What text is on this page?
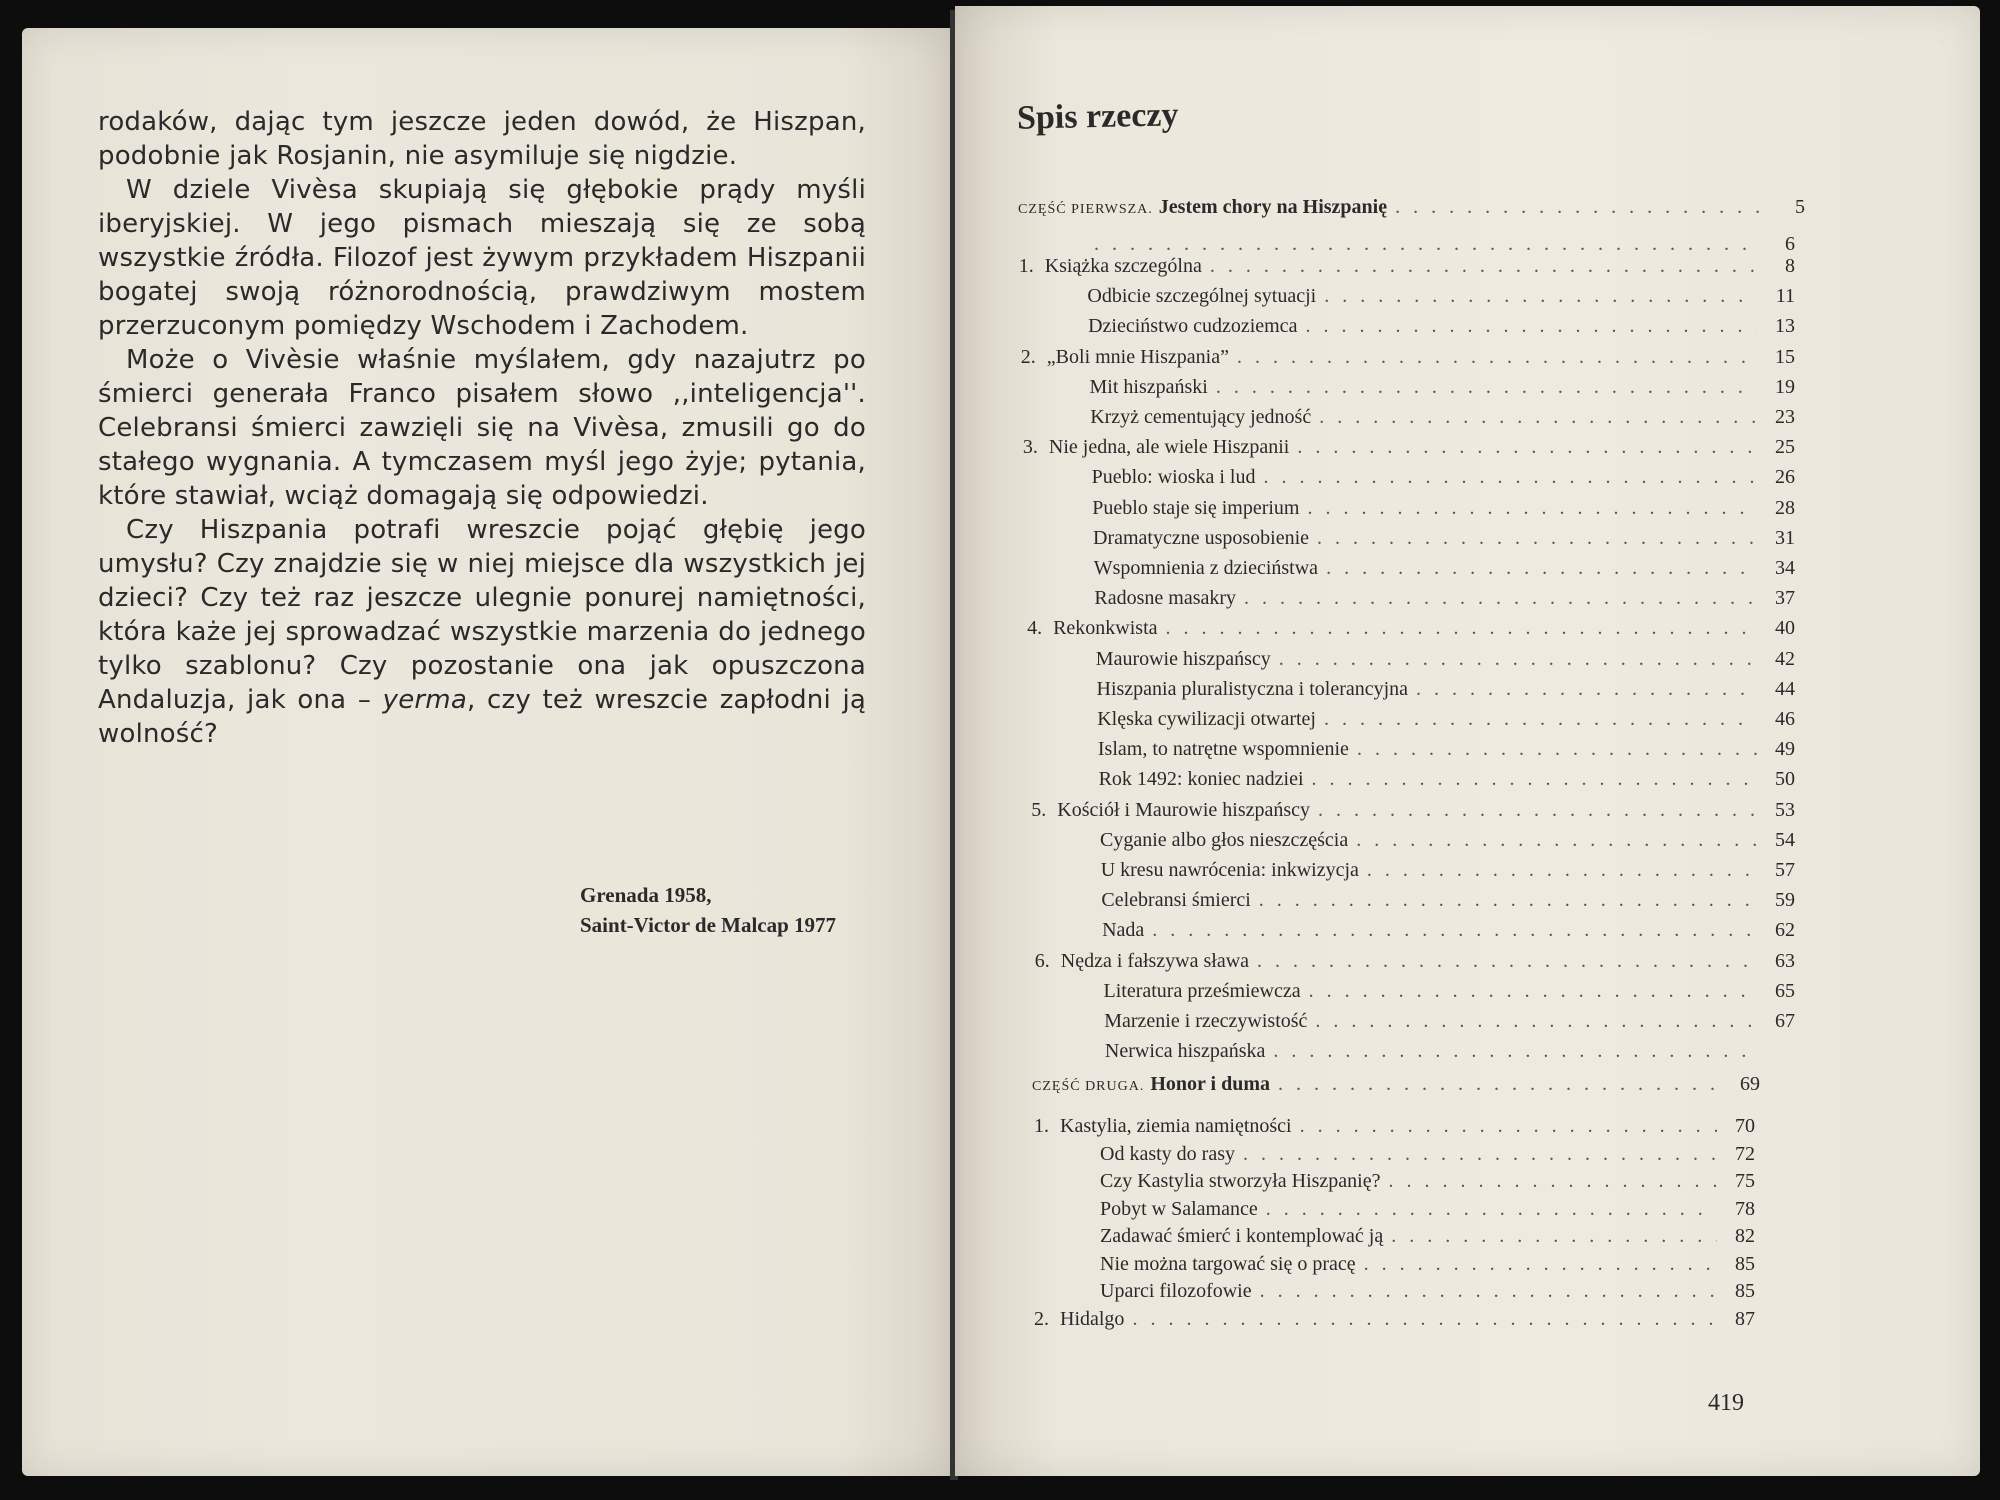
rodaków, dając tym jeszcze jeden dowód, że Hiszpan, podobnie jak Rosjanin, nie asymiluje się nigdzie.

W dziele Vivèsa skupiają się głębokie prądy myśli iberyjskiej. W jego pismach mieszają się ze sobą wszystkie źródła. Filozof jest żywym przykładem Hiszpanii bogatej swoją różnorodnością, prawdziwym mostem przerzuconym pomiędzy Wschodem i Zachodem.

Może o Vivèsie właśnie myślałem, gdy nazajutrz po śmierci generała Franco pisałem słowo ,,inteligencja''. Celebransi śmierci zawzięli się na Vivèsa, zmusili go do stałego wygnania. A tymczasem myśl jego żyje; pytania, które stawiał, wciąż domagają się odpowiedzi.

Czy Hiszpania potrafi wreszcie pojąć głębię jego umysłu? Czy znajdzie się w niej miejsce dla wszystkich jej dzieci? Czy też raz jeszcze ulegnie ponurej namiętności, która każe jej sprowadzać wszystkie marzenia do jednego tylko szablonu? Czy pozostanie ona jak opuszczona Andaluzja, jak ona – yerma, czy też wreszcie zapłodni ją wolność?

Grenada 1958,
Saint-Victor de Malcap 1977
Spis rzeczy
CZĘŚĆ PIERWSZA. Jestem chory na Hiszpanię . . .	5
. . .
6
1. Książka szczególna . . .	8
Odbicie szczególnej sytuacji . . .	11
Dzieciństwo cudzoziemca . . .	13
2. „Boli mnie Hiszpania” . . .	15
Mit hiszpański . . .	19
Krzyż cementujący jedność . . .	23
3. Nie jedna, ale wiele Hiszpanii . . .	25
Pueblo: wioska i lud . . .	26
Pueblo staje się imperium . . .	28
Dramatyczne usposobienie . . .	31
Wspomnienia z dzieciństwa . . .	34
Radosne masakry . . .	37
4. Rekonkwista . . .	40
Maurowie hiszpańscy . . .	42
Hiszpania pluralistyczna i tolerancyjna . . .	44
Klęska cywilizacji otwartej . . .	46
Islam, to natrętne wspomnienie . . .	49
Rok 1492: koniec nadziei . . .	50
5. Kościół i Maurowie hiszpańscy . . .	53
Cyganie albo głos nieszczęścia . . .	54
U kresu nawrócenia: inkwizycja . . .	57
Celebransi śmierci . . .	59
Nada . . .	62
6. Nędza i fałszywa sława . . .	63
Literatura prześmiewcza . . .	65
Marzenie i rzeczywistość . . .	67
Nerwica hiszpańska
. . .
CZĘŚĆ DRUGA. Honor i duma . . .	69
1. Kastylia, ziemia namiętności . . .	70
Od kasty do rasy . . .	72
Czy Kastylia stworzyła Hiszpanię? . . .	75
Pobyt w Salamance . . .	78
Zadawać śmierć i kontemplować ją . . .	82
Nie można targować się o pracę . . .	85
Uparci filozofowie . . .	85
2. Hidalgo . . .	87
419
